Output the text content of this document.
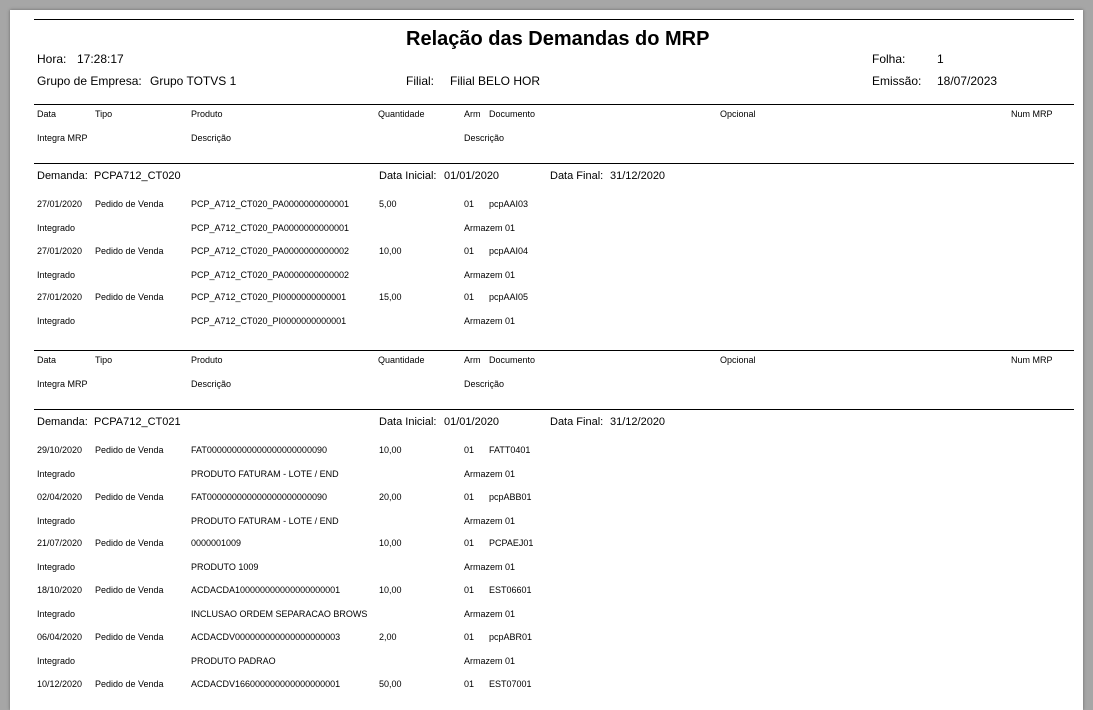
Relação das Demandas do MRP
Hora: 17:28:17	Folha:	1
Grupo de Empresa: Grupo TOTVS 1	Filial: Filial BELO HOR	Emissão: 18/07/2023
Data	Tipo	Produto	Quantidade	Arm Documento	Opcional	Num MRP
Integra MRP	Descrição	Descrição
Demanda: PCPA712_CT020	Data Inicial: 01/01/2020	Data Final: 31/12/2020
27/01/2020 Pedido de Venda	PCP_A712_CT020_PA0000000000001	5,00	01 pcpAAI03
Integrado	PCP_A712_CT020_PA0000000000001	Armazem 01
27/01/2020 Pedido de Venda	PCP_A712_CT020_PA0000000000002	10,00	01 pcpAAI04
Integrado	PCP_A712_CT020_PA0000000000002	Armazem 01
27/01/2020 Pedido de Venda	PCP_A712_CT020_PI0000000000001	15,00	01 pcpAAI05
Integrado	PCP_A712_CT020_PI0000000000001	Armazem 01
Data	Tipo	Produto	Quantidade	Arm Documento	Opcional	Num MRP
Integra MRP	Descrição	Descrição
Demanda: PCPA712_CT021	Data Inicial: 01/01/2020	Data Final: 31/12/2020
29/10/2020 Pedido de Venda	FAT000000000000000000000090	10,00	01 FATT0401
Integrado	PRODUTO FATURAM - LOTE / END	Armazem 01
02/04/2020 Pedido de Venda	FAT000000000000000000000090	20,00	01 pcpABB01
Integrado	PRODUTO FATURAM - LOTE / END	Armazem 01
21/07/2020 Pedido de Venda	0000001009	10,00	01 PCPAEJ01
Integrado	PRODUTO 1009	Armazem 01
18/10/2020 Pedido de Venda	ACDACDA100000000000000000001	10,00	01 EST06601
Integrado	INCLUSAO ORDEM SEPARACAO BROWS	Armazem 01
06/04/2020 Pedido de Venda	ACDACDV000000000000000000003	2,00	01 pcpABR01
Integrado	PRODUTO PADRAO	Armazem 01
10/12/2020 Pedido de Venda	ACDACDV166000000000000000001	50,00	01 EST07001
